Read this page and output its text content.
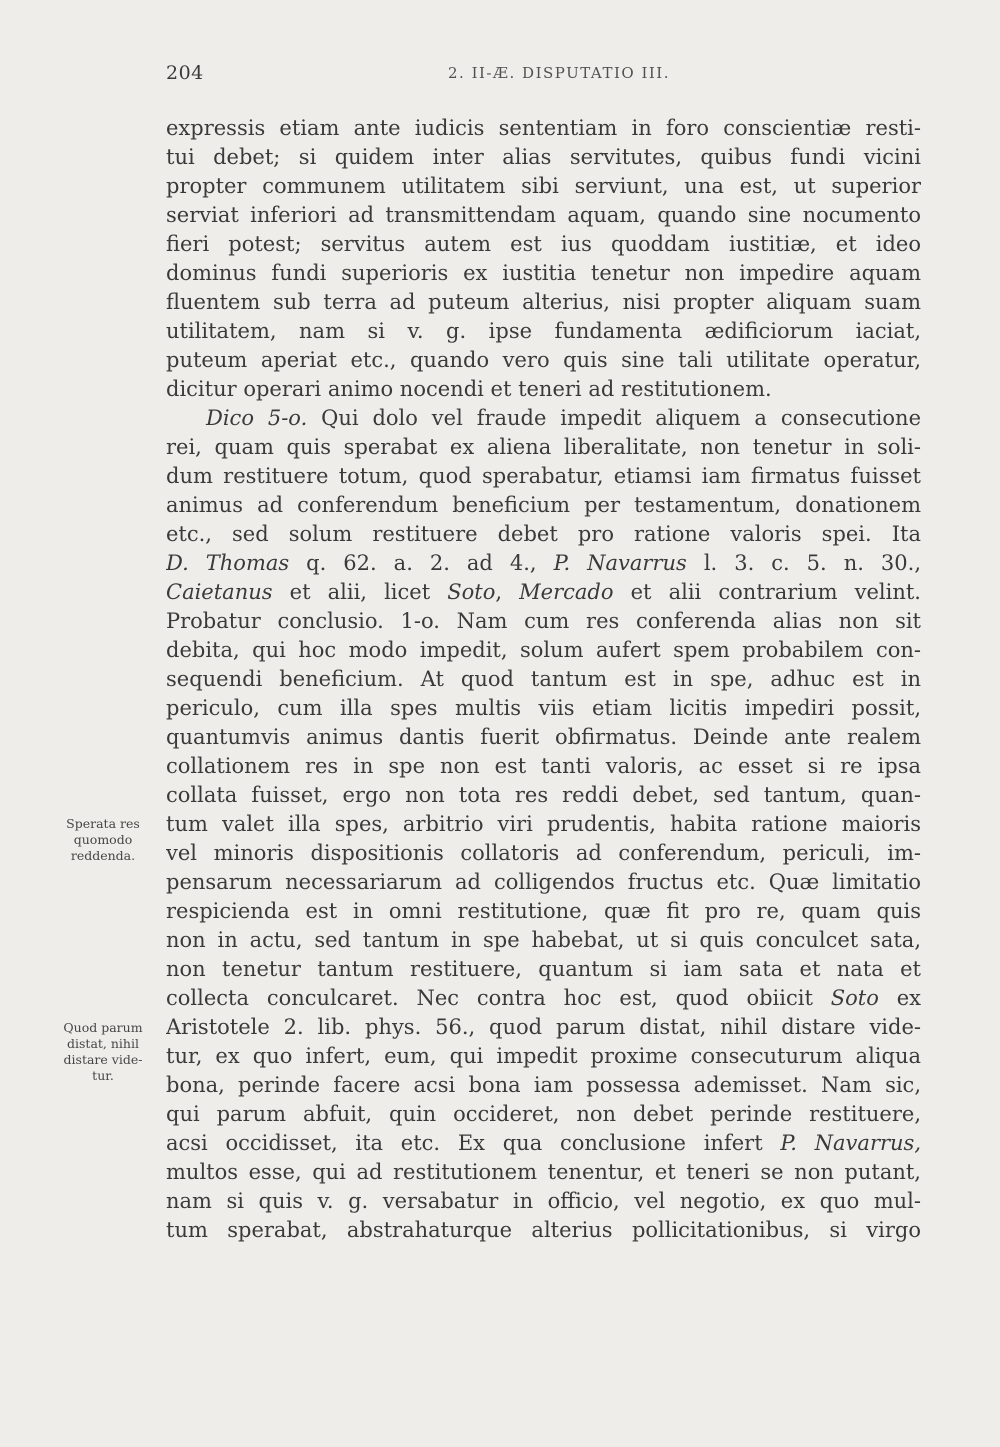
204	2. II-Æ. DISPUTATIO III.
expressis etiam ante iudicis sententiam in foro conscientiæ resti-
tui debet; si quidem inter alias servitutes, quibus fundi vicini
propter communem utilitatem sibi serviunt, una est, ut superior
serviat inferiori ad transmittendam aquam, quando sine nocumento
fieri potest; servitus autem est ius quoddam iustitiæ, et ideo
dominus fundi superioris ex iustitia tenetur non impedire aquam
fluentem sub terra ad puteum alterius, nisi propter aliquam suam
utilitatem, nam si v. g. ipse fundamenta ædificiorum iaciat,
puteum aperiat etc., quando vero quis sine tali utilitate operatur,
dicitur operari animo nocendi et teneri ad restitutionem.
Dico 5-o. Qui dolo vel fraude impedit aliquem a consecutione
rei, quam quis sperabat ex aliena liberalitate, non tenetur in soli-
dum restituere totum, quod sperabatur, etiamsi iam firmatus fuisset
animus ad conferendum beneficium per testamentum, donationem
etc., sed solum restituere debet pro ratione valoris spei. Ita
D. Thomas q. 62. a. 2. ad 4., P. Navarrus l. 3. c. 5. n. 30.,
Caietanus et alii, licet Soto, Mercado et alii contrarium velint.
Probatur conclusio. 1-o. Nam cum res conferenda alias non sit
debita, qui hoc modo impedit, solum aufert spem probabilem con-
sequendi beneficium. At quod tantum est in spe, adhuc est in
periculo, cum illa spes multis viis etiam licitis impediri possit,
quantumvis animus dantis fuerit obfirmatus. Deinde ante realem
collationem res in spe non est tanti valoris, ac esset si re ipsa
collata fuisset, ergo non tota res reddi debet, sed tantum, quan-
tum valet illa spes, arbitrio viri prudentis, habita ratione maioris
vel minoris dispositionis collatoris ad conferendum, periculi, im-
pensarum necessariarum ad colligendos fructus etc. Quæ limitatio
respicienda est in omni restitutione, quæ fit pro re, quam quis
non in actu, sed tantum in spe habebat, ut si quis conculcet sata,
non tenetur tantum restituere, quantum si iam sata et nata et
collecta conculcaret. Nec contra hoc est, quod obiicit Soto ex
Aristotele 2. lib. phys. 56., quod parum distat, nihil distare vide-
tur, ex quo infert, eum, qui impedit proxime consecuturum aliqua
bona, perinde facere acsi bona iam possessa ademisset. Nam sic,
qui parum abfuit, quin occideret, non debet perinde restituere,
acsi occidisset, ita etc. Ex qua conclusione infert P. Navarrus,
multos esse, qui ad restitutionem tenentur, et teneri se non putant,
nam si quis v. g. versabatur in officio, vel negotio, ex quo mul-
tum sperabat, abstrahaturque alterius pollicitationibus, si virgo
Sperata res
quomodo
reddenda.
Quod parum
distat, nihil
distare vide-
tur.
